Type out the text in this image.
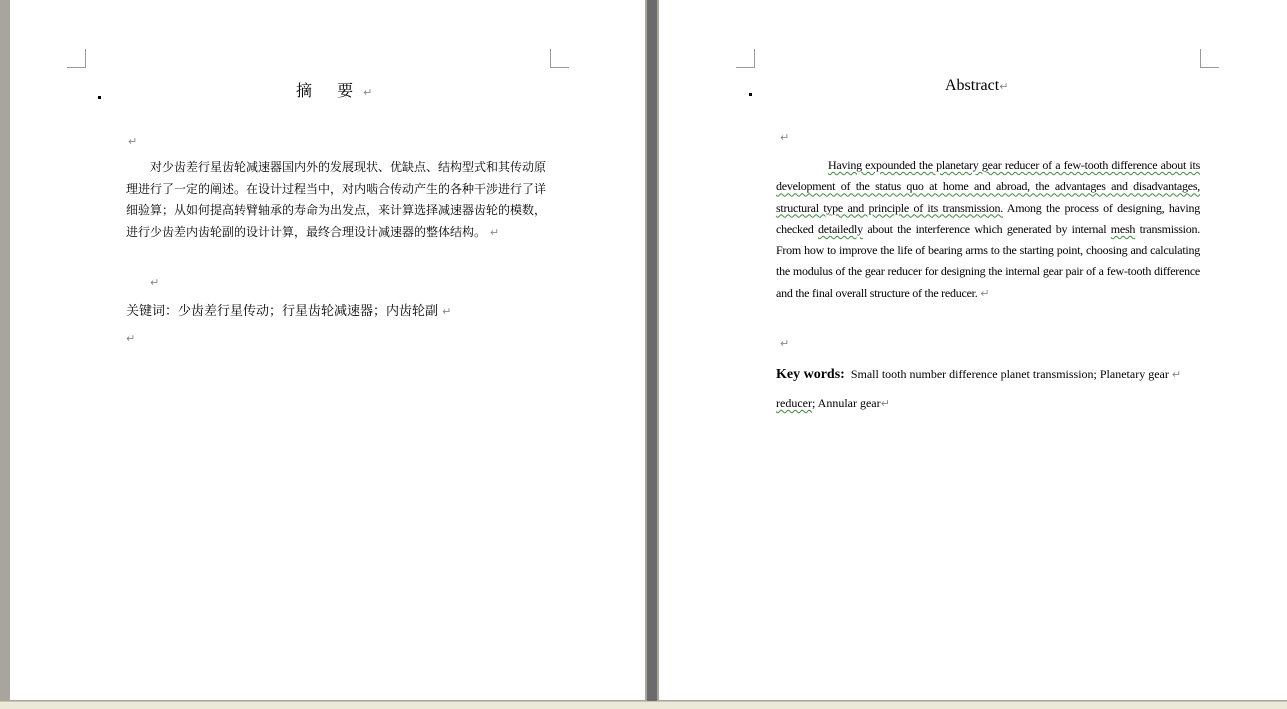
摘 要↵
↵
对少齿差行星齿轮减速器国内外的发展现状、优缺点、结构型式和其传动原理进行了一定的阐述。在设计过程当中，对内啮合传动产生的各种干涉进行了详细验算；从如何提高转臂轴承的寿命为出发点，来计算选择减速器齿轮的模数，进行少齿差内齿轮副的设计计算，最终合理设计减速器的整体结构。 ↵
↵
关键词：少齿差行星传动；行星齿轮减速器；内齿轮副 ↵
↵
Abstract↵
↵
Having expounded the planetary gear reducer of a few-tooth difference about its development of the status quo at home and abroad, the advantages and disadvantages, structural type and principle of its transmission. Among the process of designing, having checked detailedly about the interference which generated by internal mesh transmission. From how to improve the life of bearing arms to the starting point, choosing and calculating the modulus of the gear reducer for designing the internal gear pair of a few-tooth difference and the final overall structure of the reducer. ↵
↵
Key words: Small tooth number difference planet transmission; Planetary gear ↵
reducer; Annular gear↵
